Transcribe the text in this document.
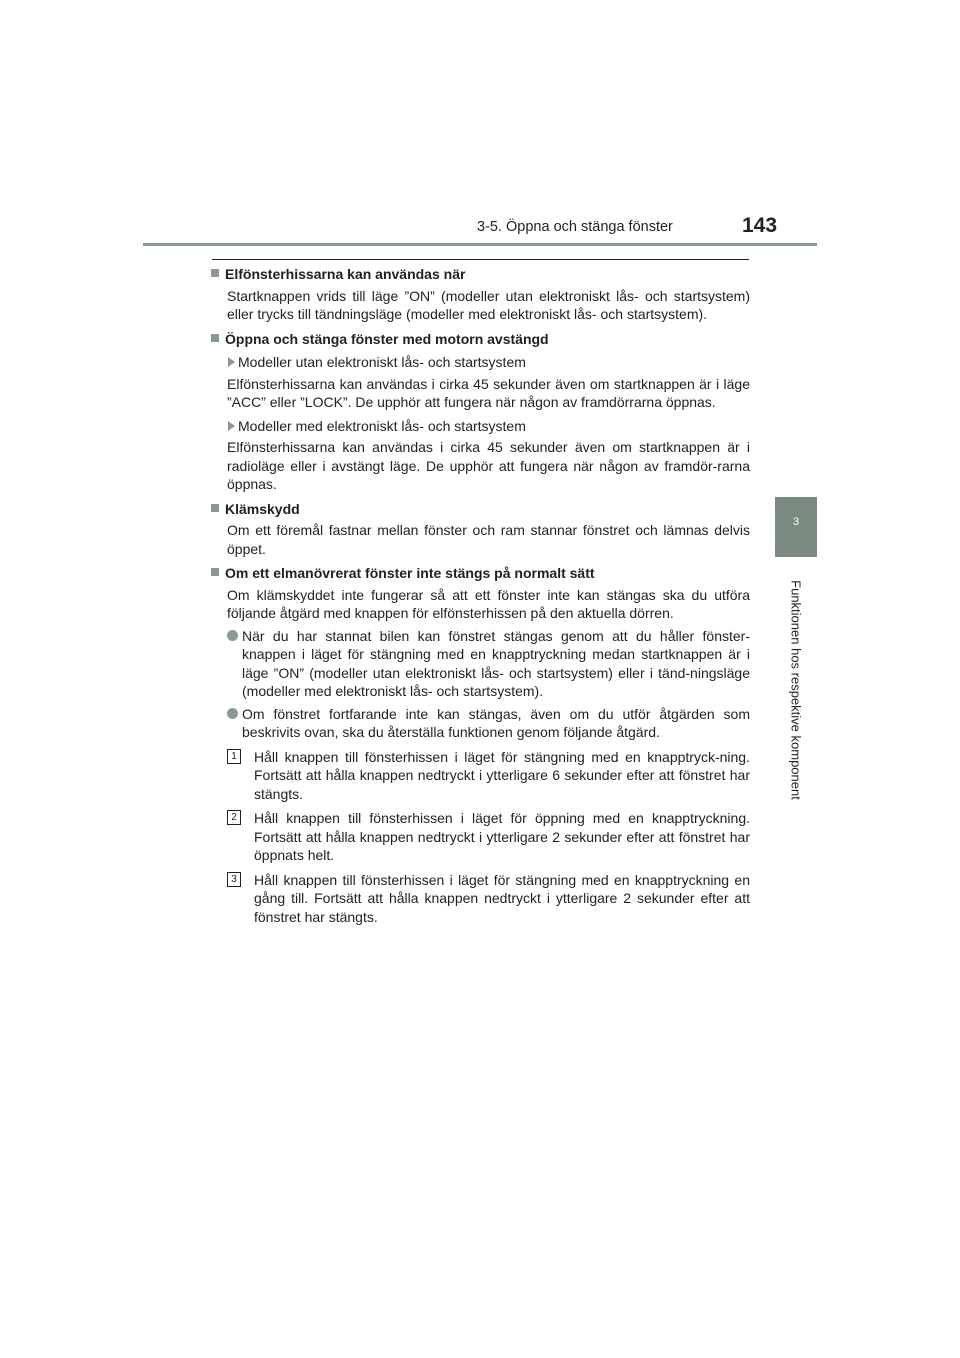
3-5. Öppna och stänga fönster	143
3
Funktionen hos respektive komponent

Elfönsterhissarna kan användas när

Startknappen vrids till läge ”ON” (modeller utan elektroniskt lås- och startsystem) eller trycks till tändningsläge (modeller med elektroniskt lås- och startsystem).

Öppna och stänga fönster med motorn avstängd

Modeller utan elektroniskt lås- och startsystem

Elfönsterhissarna kan användas i cirka 45 sekunder även om startknappen är i läge ”ACC” eller ”LOCK”. De upphör att fungera när någon av framdörrarna öppnas.

Modeller med elektroniskt lås- och startsystem

Elfönsterhissarna kan användas i cirka 45 sekunder även om startknappen är i radioläge eller i avstängt läge. De upphör att fungera när någon av framdör-rarna öppnas.

Klämskydd

Om ett föremål fastnar mellan fönster och ram stannar fönstret och lämnas delvis öppet.

Om ett elmanövrerat fönster inte stängs på normalt sätt

Om klämskyddet inte fungerar så att ett fönster inte kan stängas ska du utföra följande åtgärd med knappen för elfönsterhissen på den aktuella dörren.

När du har stannat bilen kan fönstret stängas genom att du håller fönster-knappen i läget för stängning med en knapptryckning medan startknappen är i läge ”ON” (modeller utan elektroniskt lås- och startsystem) eller i tänd-ningsläge (modeller med elektroniskt lås- och startsystem).

Om fönstret fortfarande inte kan stängas, även om du utför åtgärden som beskrivits ovan, ska du återställa funktionen genom följande åtgärd.

1	Håll knappen till fönsterhissen i läget för stängning med en knapptryck-ning. Fortsätt att hålla knappen nedtryckt i ytterligare 6 sekunder efter att fönstret har stängts.

2	Håll knappen till fönsterhissen i läget för öppning med en knapptryckning. Fortsätt att hålla knappen nedtryckt i ytterligare 2 sekunder efter att fönstret har öppnats helt.

3	Håll knappen till fönsterhissen i läget för stängning med en knapptryckning en gång till. Fortsätt att hålla knappen nedtryckt i ytterligare 2 sekunder efter att fönstret har stängts.
